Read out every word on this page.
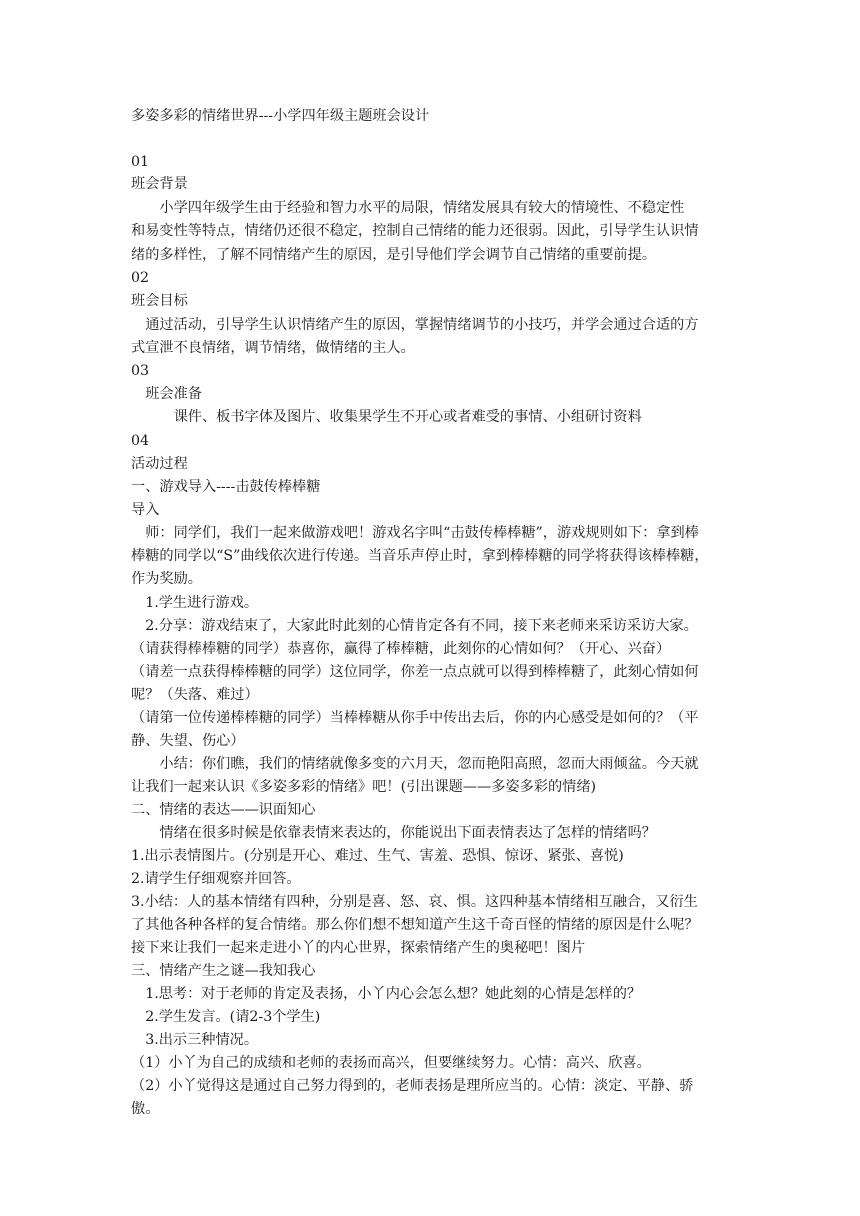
多姿多彩的情绪世界---小学四年级主题班会设计
01
班会背景
　　小学四年级学生由于经验和智力水平的局限，情绪发展具有较大的情境性、不稳定性
和易变性等特点，情绪仍还很不稳定，控制自己情绪的能力还很弱。因此，引导学生认识情
绪的多样性，了解不同情绪产生的原因，是引导他们学会调节自己情绪的重要前提。
02
班会目标
　通过活动，引导学生认识情绪产生的原因，掌握情绪调节的小技巧，并学会通过合适的方
式宣泄不良情绪，调节情绪，做情绪的主人。
03
　班会准备
　　　课件、板书字体及图片、收集果学生不开心或者难受的事情、小组研讨资料
04
活动过程
一、游戏导入----击鼓传棒棒糖
导入
　师：同学们，我们一起来做游戏吧！游戏名字叫“击鼓传棒棒糖”，游戏规则如下：拿到棒
棒糖的同学以“S”曲线依次进行传递。当音乐声停止时，拿到棒棒糖的同学将获得该棒棒糖，
作为奖励。
　1.学生进行游戏。
　2.分享：游戏结束了，大家此时此刻的心情肯定各有不同，接下来老师来采访采访大家。
（请获得棒棒糖的同学）恭喜你，赢得了棒棒糖，此刻你的心情如何？（开心、兴奋）
（请差一点获得棒棒糖的同学）这位同学，你差一点点就可以得到棒棒糖了，此刻心情如何
呢？（失落、难过）
（请第一位传递棒棒糖的同学）当棒棒糖从你手中传出去后，你的内心感受是如何的？（平
静、失望、伤心）
　　小结：你们瞧，我们的情绪就像多变的六月天，忽而艳阳高照，忽而大雨倾盆。今天就
让我们一起来认识《多姿多彩的情绪》吧！(引出课题——多姿多彩的情绪)
二、情绪的表达——识面知心
　　情绪在很多时候是依靠表情来表达的，你能说出下面表情表达了怎样的情绪吗？
1.出示表情图片。(分别是开心、难过、生气、害羞、恐惧、惊讶、紧张、喜悦)
2.请学生仔细观察并回答。
3.小结：人的基本情绪有四种，分别是喜、怒、哀、惧。这四种基本情绪相互融合，又衍生
了其他各种各样的复合情绪。那么你们想不想知道产生这千奇百怪的情绪的原因是什么呢？
接下来让我们一起来走进小丫的内心世界，探索情绪产生的奥秘吧！图片
三、情绪产生之谜—我知我心
　1.思考：对于老师的肯定及表扬，小丫内心会怎么想？她此刻的心情是怎样的？
　2.学生发言。(请2-3个学生)
　3.出示三种情况。
（1）小丫为自己的成绩和老师的表扬而高兴，但要继续努力。心情：高兴、欣喜。
（2）小丫觉得这是通过自己努力得到的，老师表扬是理所应当的。心情：淡定、平静、骄
傲。
